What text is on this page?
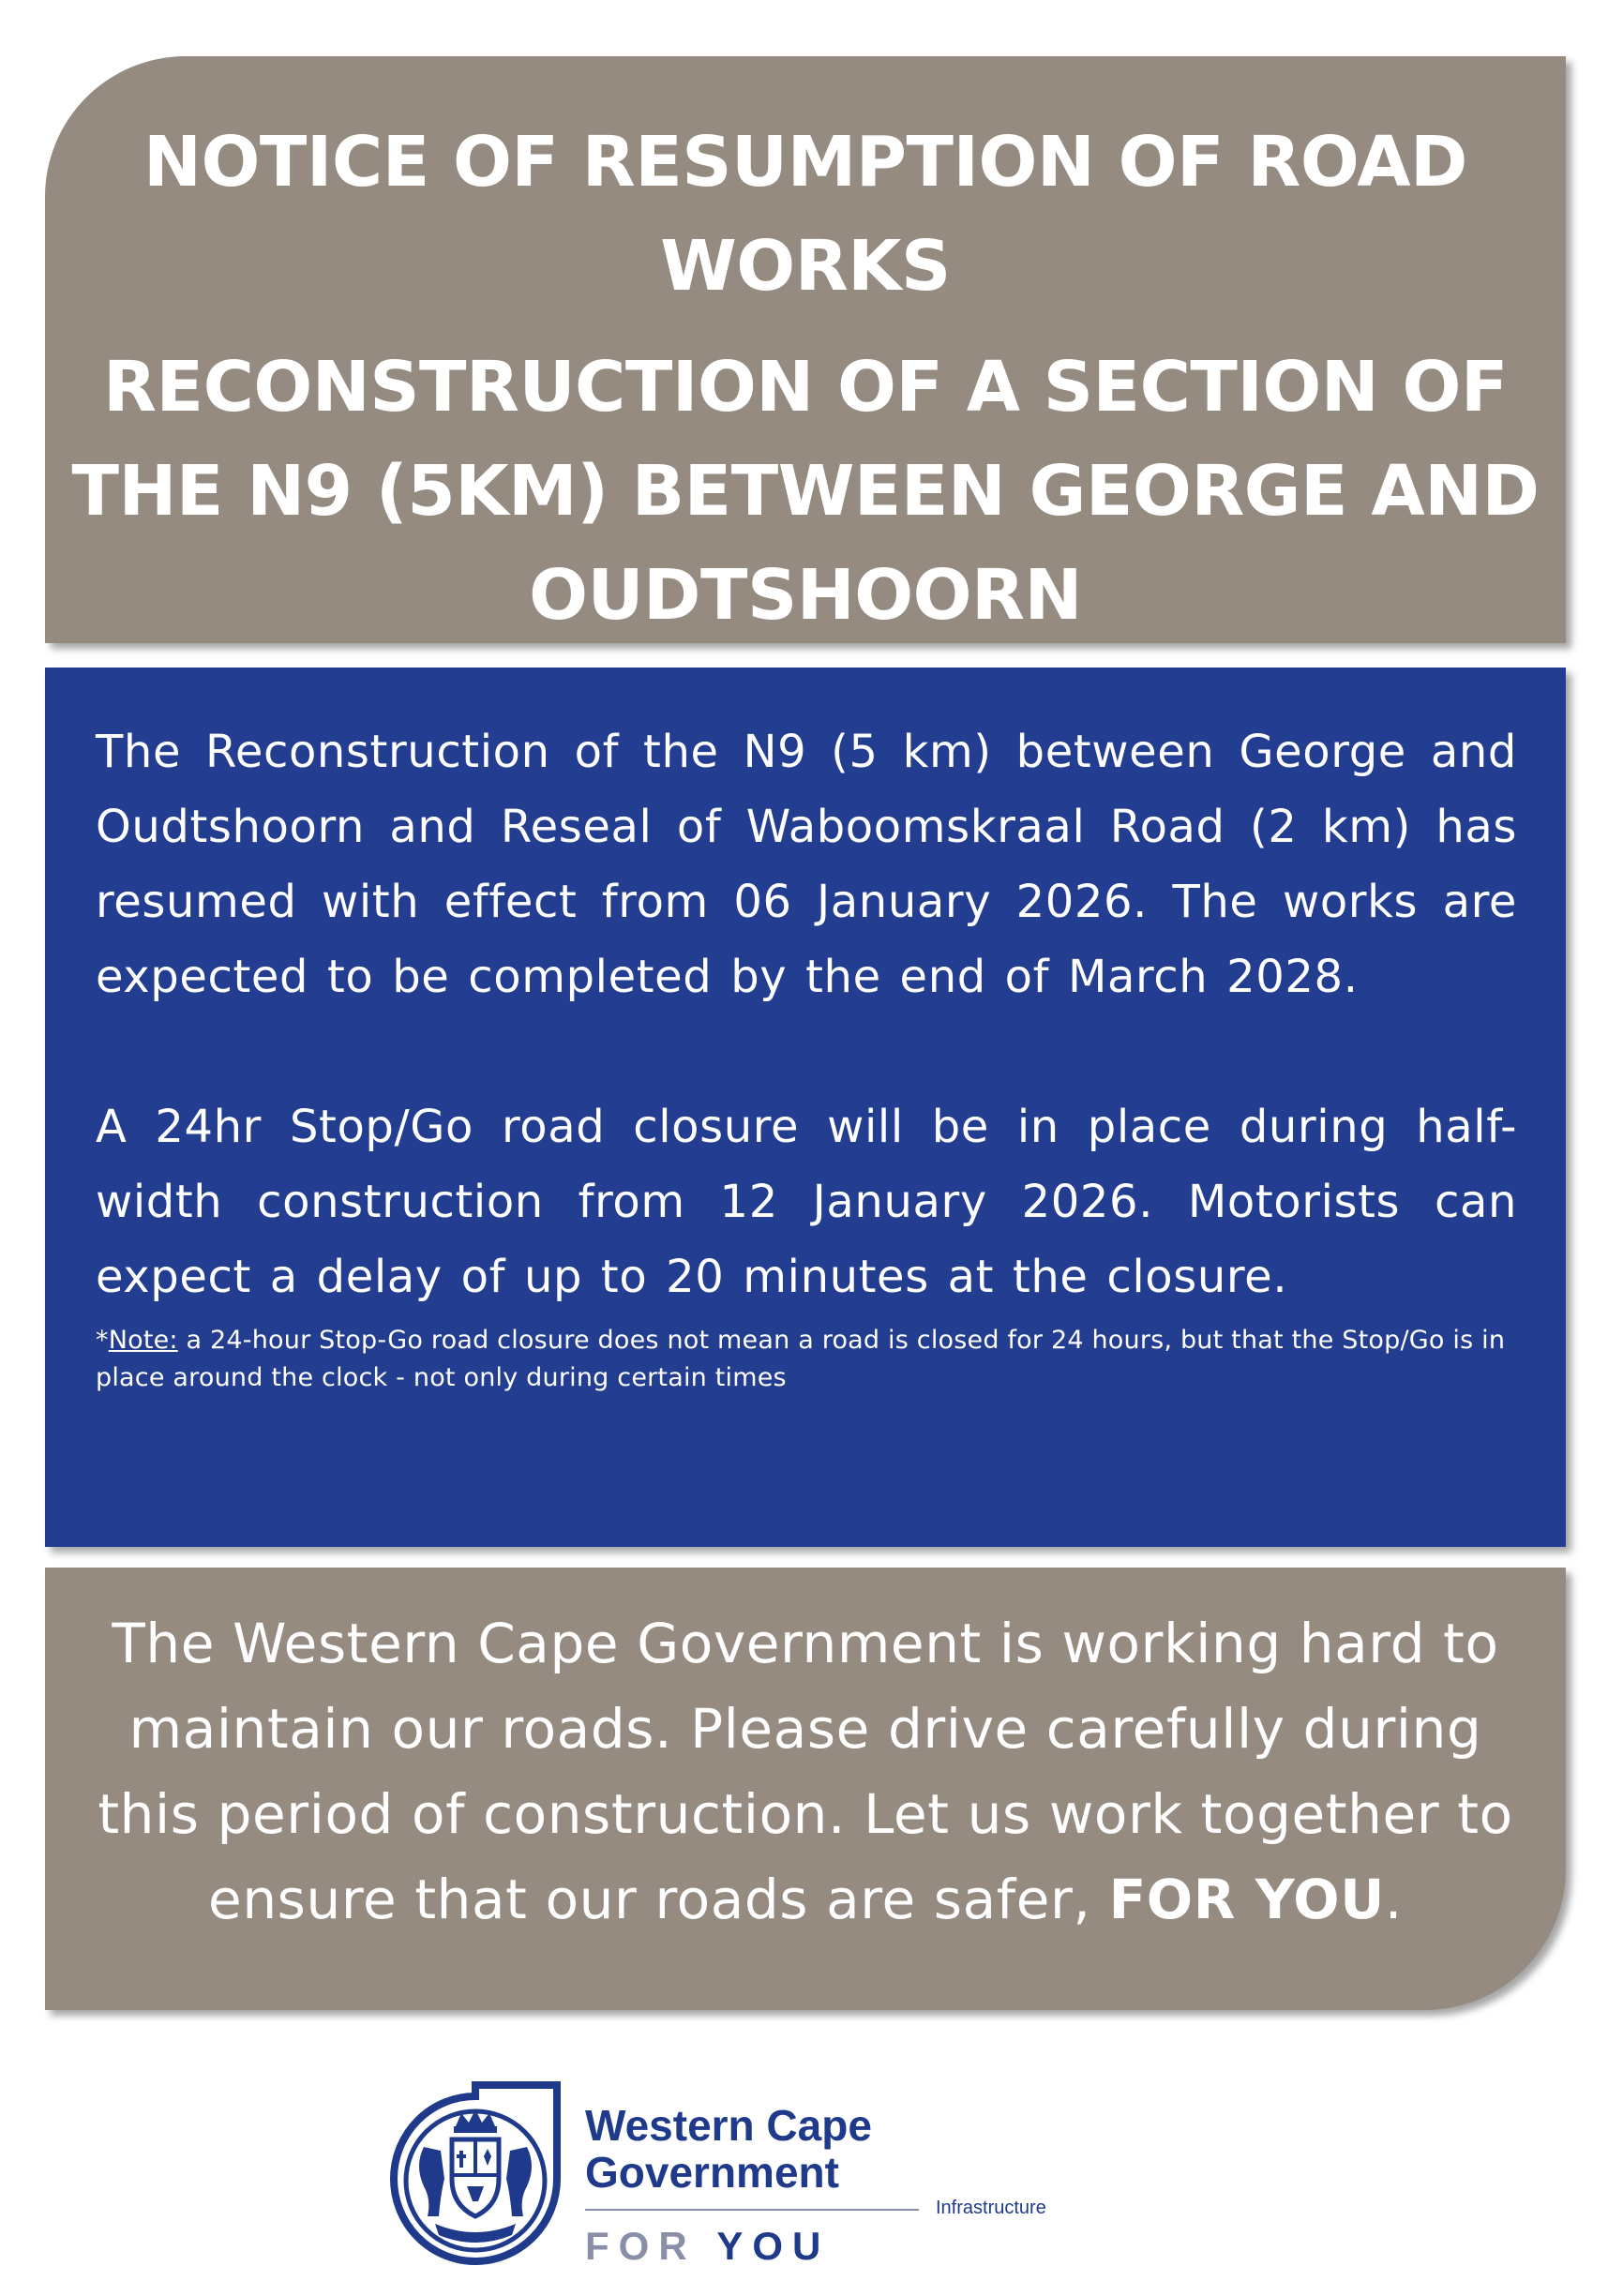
NOTICE OF RESUMPTION OF ROAD WORKS
RECONSTRUCTION OF A SECTION OF THE N9 (5KM) BETWEEN GEORGE AND OUDTSHOORN

The Reconstruction of the N9 (5 km) between George and Oudtshoorn and Reseal of Waboomskraal Road (2 km) has resumed with effect from 06 January 2026. The works are expected to be completed by the end of March 2028.

A 24hr Stop/Go road closure will be in place during half-width construction from 12 January 2026. Motorists can expect a delay of up to 20 minutes at the closure.

*Note: a 24-hour Stop-Go road closure does not mean a road is closed for 24 hours, but that the Stop/Go is in place around the clock - not only during certain times

The Western Cape Government is working hard to

maintain our roads. Please drive carefully during

this period of construction. Let us work together to

ensure that our roads are safer, FOR YOU.

Western Cape
Government
Infrastructure
FOR YOU
